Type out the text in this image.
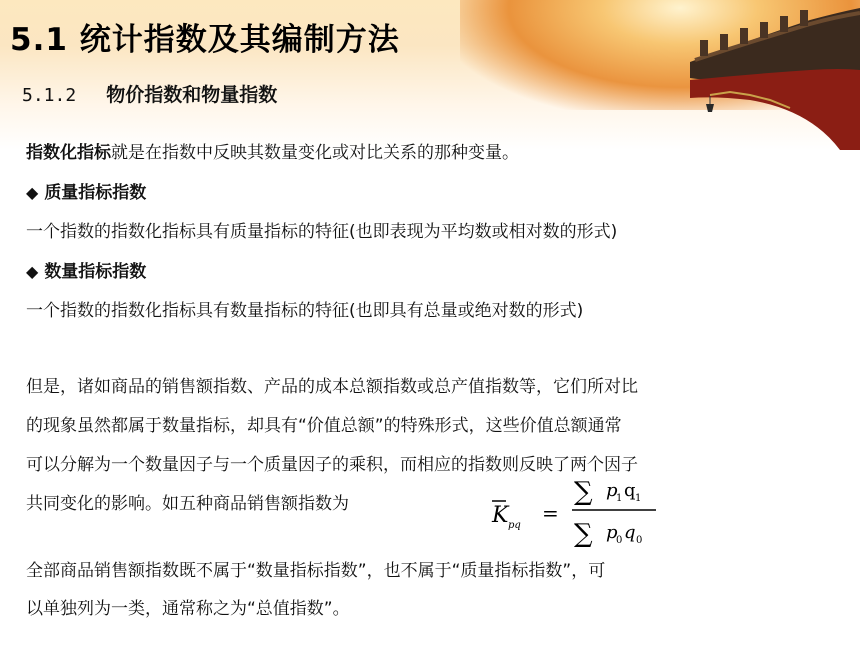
5.1 统计指数及其编制方法
5.1.2 物价指数和物量指数
指数化指标就是在指数中反映其数量变化或对比关系的那种变量。
◆ 质量指标指数
一个指数的指数化指标具有质量指标的特征(也即表现为平均数或相对数的形式)
◆ 数量指标指数
一个指数的指数化指标具有数量指标的特征(也即具有总量或绝对数的形式)
但是，诸如商品的销售额指数、产品的成本总额指数或总产值指数等，它们所对比
的现象虽然都属于数量指标，却具有“价值总额”的特殊形式，这些价值总额通常
可以分解为一个数量因子与一个质量因子的乘积，而相应的指数则反映了两个因子
共同变化的影响。如五种商品销售额指数为	K pq
=
∑ p
1 q 1
∑ p
0 q 0
全部商品销售额指数既不属于“数量指标指数”，也不属于“质量指标指数”，可
以单独列为一类，通常称之为“总值指数”。
